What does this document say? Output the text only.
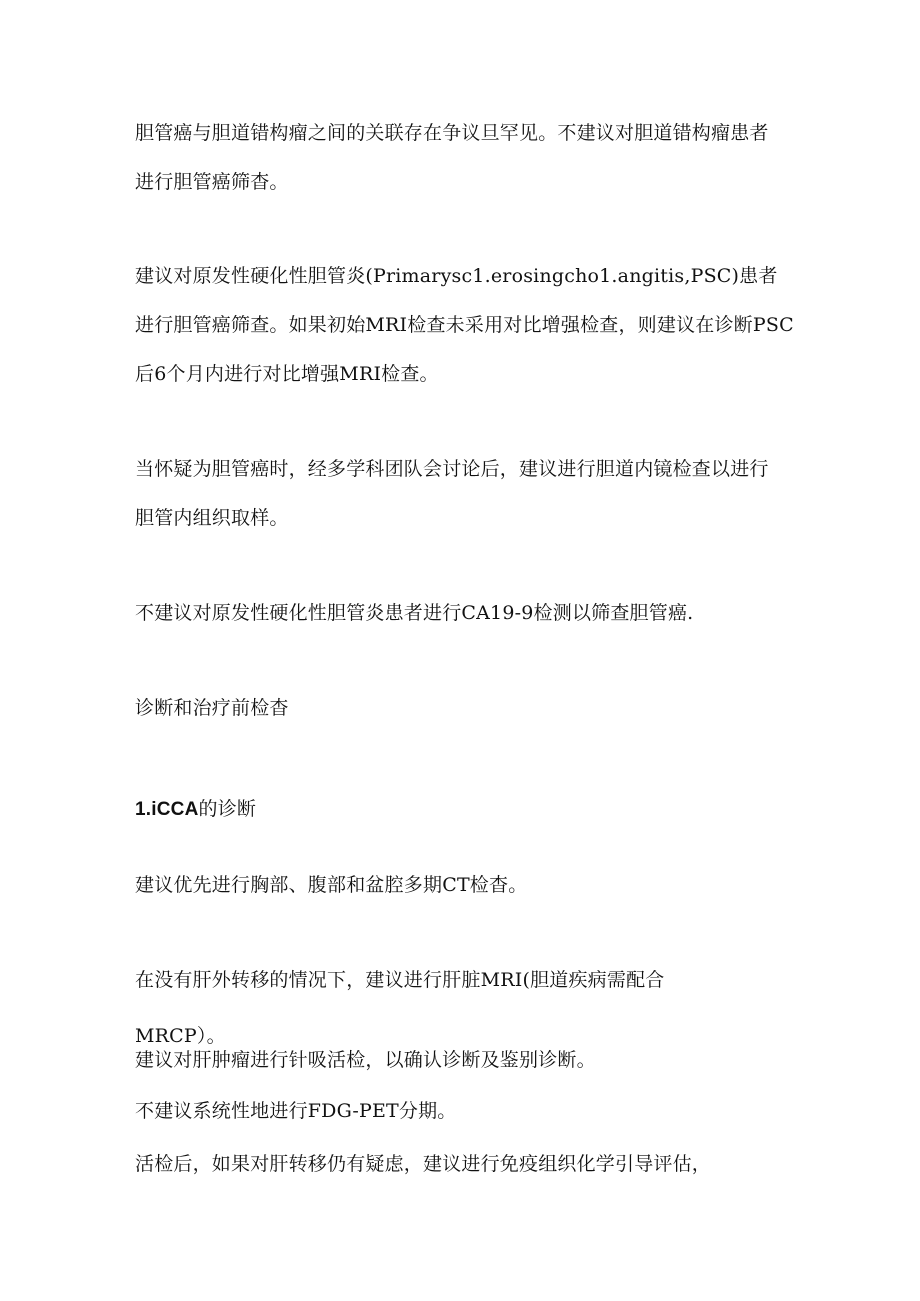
胆管癌与胆道错构瘤之间的关联存在争议旦罕见。不建议对胆道错构瘤患者
进行胆管癌筛杳。
建议对原发性硬化性胆管炎(Primarysc1.erosingcho1.angitis,PSC)患者
进行胆管癌筛查。如果初始MRI检查未采用对比增强检查，则建议在诊断PSC
后6个月内进行对比增强MRI检查。
当怀疑为胆管癌时，经多学科团队会讨论后，建议进行胆道内镜检查以进行
胆管内组织取样。
不建议对原发性硬化性胆管炎患者进行CA19-9检测以筛查胆管癌.
诊断和治疗前检杳
1.iCCA的诊断
建议优先进行胸部、腹部和盆腔多期CT检杳。
在没有肝外转移的情况下，建议进行肝脏MRI(胆道疾病需配合
MRCP）。
建议对肝肿瘤进行针吸活检，以确认诊断及鉴别诊断。
不建议系统性地进行FDG-PET分期。
活检后，如果对肝转移仍有疑虑，建议进行免疫组织化学引导评估，
